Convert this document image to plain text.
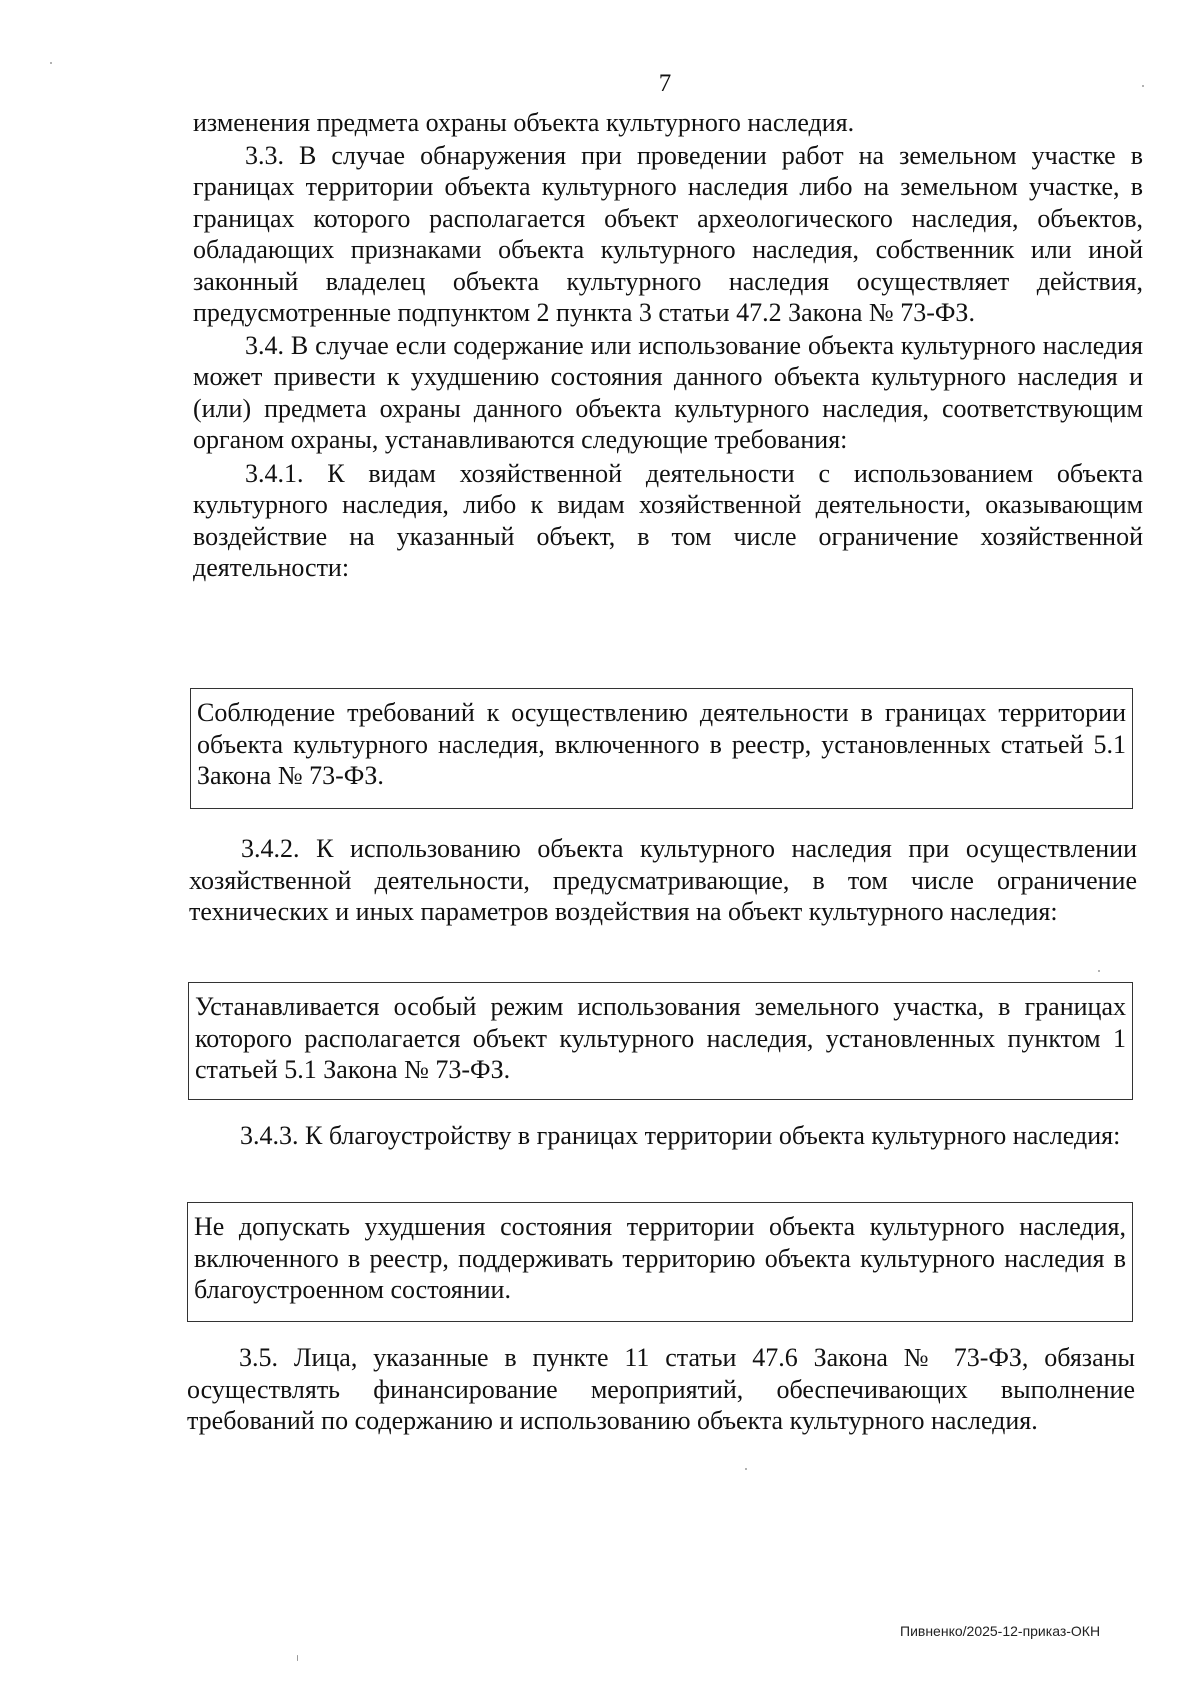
7

изменения предмета охраны объекта культурного наследия.

3.3. В случае обнаружения при проведении работ на земельном участке в границах территории объекта культурного наследия либо на земельном участке, в границах которого располагается объект археологического наследия, объектов, обладающих признаками объекта культурного наследия, собственник или иной законный владелец объекта культурного наследия осуществляет действия, предусмотренные подпунктом 2 пункта 3 статьи 47.2 Закона № 73-ФЗ.

3.4. В случае если содержание или использование объекта культурного наследия может привести к ухудшению состояния данного объекта культурного наследия и (или) предмета охраны данного объекта культурного наследия, соответствующим органом охраны, устанавливаются следующие требования:

3.4.1. К видам хозяйственной деятельности с использованием объекта культурного наследия, либо к видам хозяйственной деятельности, оказывающим воздействие на указанный объект, в том числе ограничение хозяйственной деятельности:

Соблюдение требований к осуществлению деятельности в границах территории объекта культурного наследия, включенного в реестр, установленных статьей 5.1 Закона № 73-ФЗ.

3.4.2. К использованию объекта культурного наследия при осуществлении хозяйственной деятельности, предусматривающие, в том числе ограничение технических и иных параметров воздействия на объект культурного наследия:

Устанавливается особый режим использования земельного участка, в границах которого располагается объект культурного наследия, установленных пунктом 1 статьей 5.1 Закона № 73-ФЗ.

3.4.3. К благоустройству в границах территории объекта культурного наследия:

Не допускать ухудшения состояния территории объекта культурного наследия, включенного в реестр, поддерживать территорию объекта культурного наследия в благоустроенном состоянии.

3.5. Лица, указанные в пункте 11 статьи 47.6 Закона № 73-ФЗ, обязаны осуществлять финансирование мероприятий, обеспечивающих выполнение требований по содержанию и использованию объекта культурного наследия.

Пивненко/2025-12-приказ-ОКН
